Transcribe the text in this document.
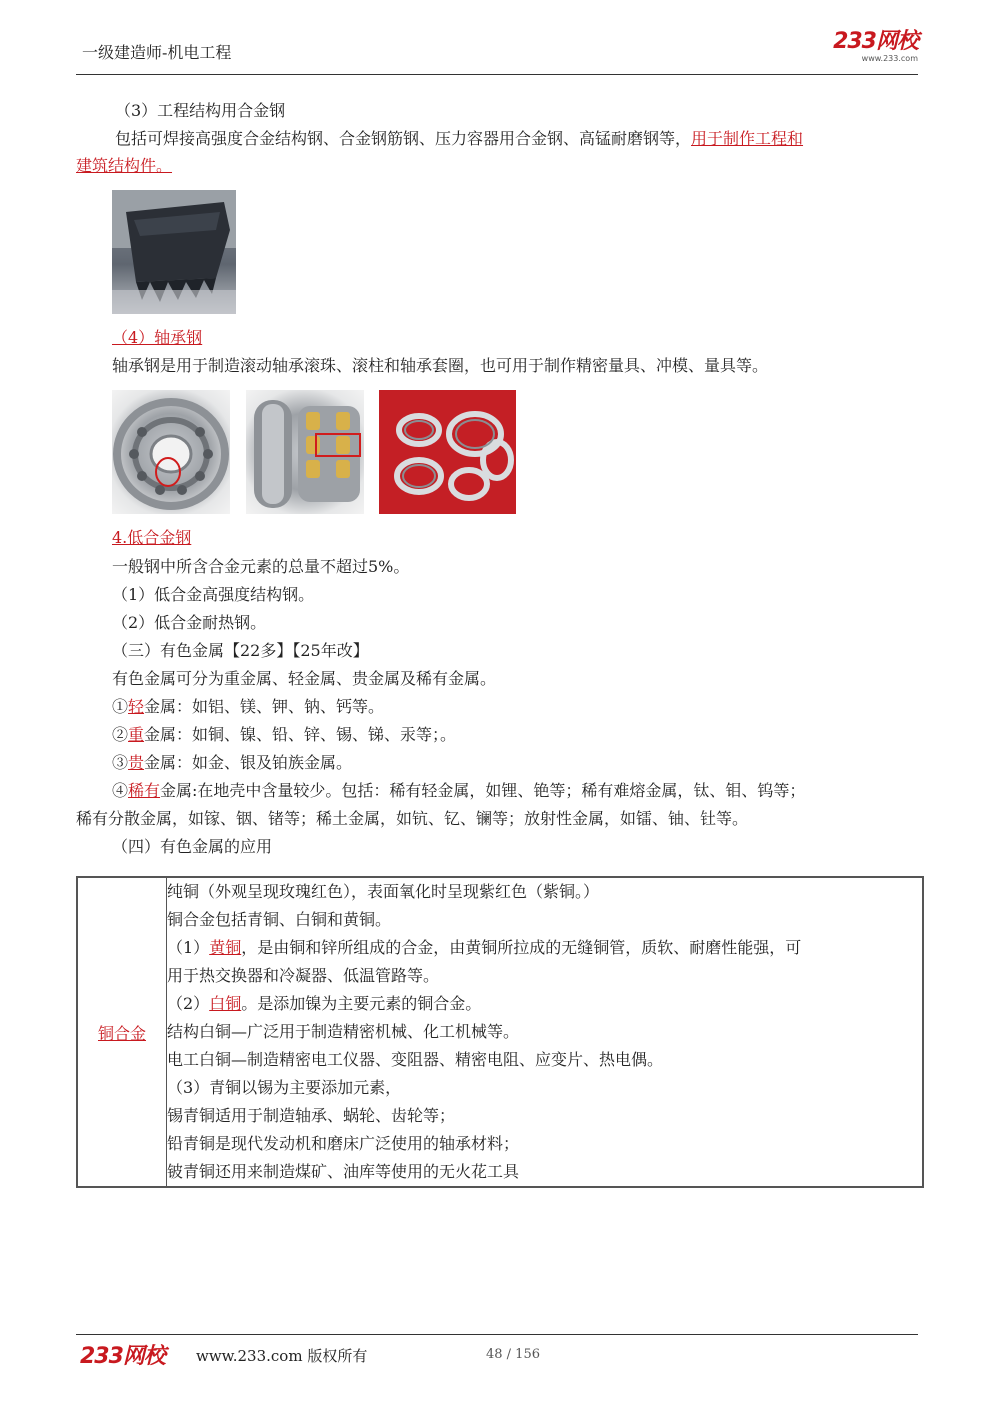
一级建造师-机电工程	233网校
www.233.com
（3）工程结构用合金钢
包括可焊接高强度合金结构钢、合金钢筋钢、压力容器用合金钢、高锰耐磨钢等，用于制作工程和
建筑结构件。
（4）轴承钢
轴承钢是用于制造滚动轴承滚珠、滚柱和轴承套圈，也可用于制作精密量具、冲模、量具等。
4.低合金钢
一般钢中所含合金元素的总量不超过5%。
（1）低合金高强度结构钢。
（2）低合金耐热钢。
（三）有色金属【22多】【25年改】
有色金属可分为重金属、轻金属、贵金属及稀有金属。
①轻金属：如铝、镁、钾、钠、钙等。
②重金属：如铜、镍、铅、锌、锡、锑、汞等；。
③贵金属：如金、银及铂族金属。
④稀有金属:在地壳中含量较少。包括：稀有轻金属，如锂、铯等；稀有难熔金属，钛、钼、钨等；
稀有分散金属，如镓、铟、锗等；稀土金属，如钪、钇、镧等；放射性金属，如镭、铀、钍等。
（四）有色金属的应用
铜合金	
纯铜（外观呈现玫瑰红色），表面氧化时呈现紫红色（紫铜。）
铜合金包括青铜、白铜和黄铜。
（1）黄铜，是由铜和锌所组成的合金，由黄铜所拉成的无缝铜管，质软、耐磨性能强，可
用于热交换器和冷凝器、低温管路等。
（2）白铜。是添加镍为主要元素的铜合金。
结构白铜—广泛用于制造精密机械、化工机械等。
电工白铜—制造精密电工仪器、变阻器、精密电阻、应变片、热电偶。
（3）青铜以锡为主要添加元素，
锡青铜适用于制造轴承、蜗轮、齿轮等；
铅青铜是现代发动机和磨床广泛使用的轴承材料；
铍青铜还用来制造煤矿、油库等使用的无火花工具
233网校 www.233.com 版权所有	48 / 156
